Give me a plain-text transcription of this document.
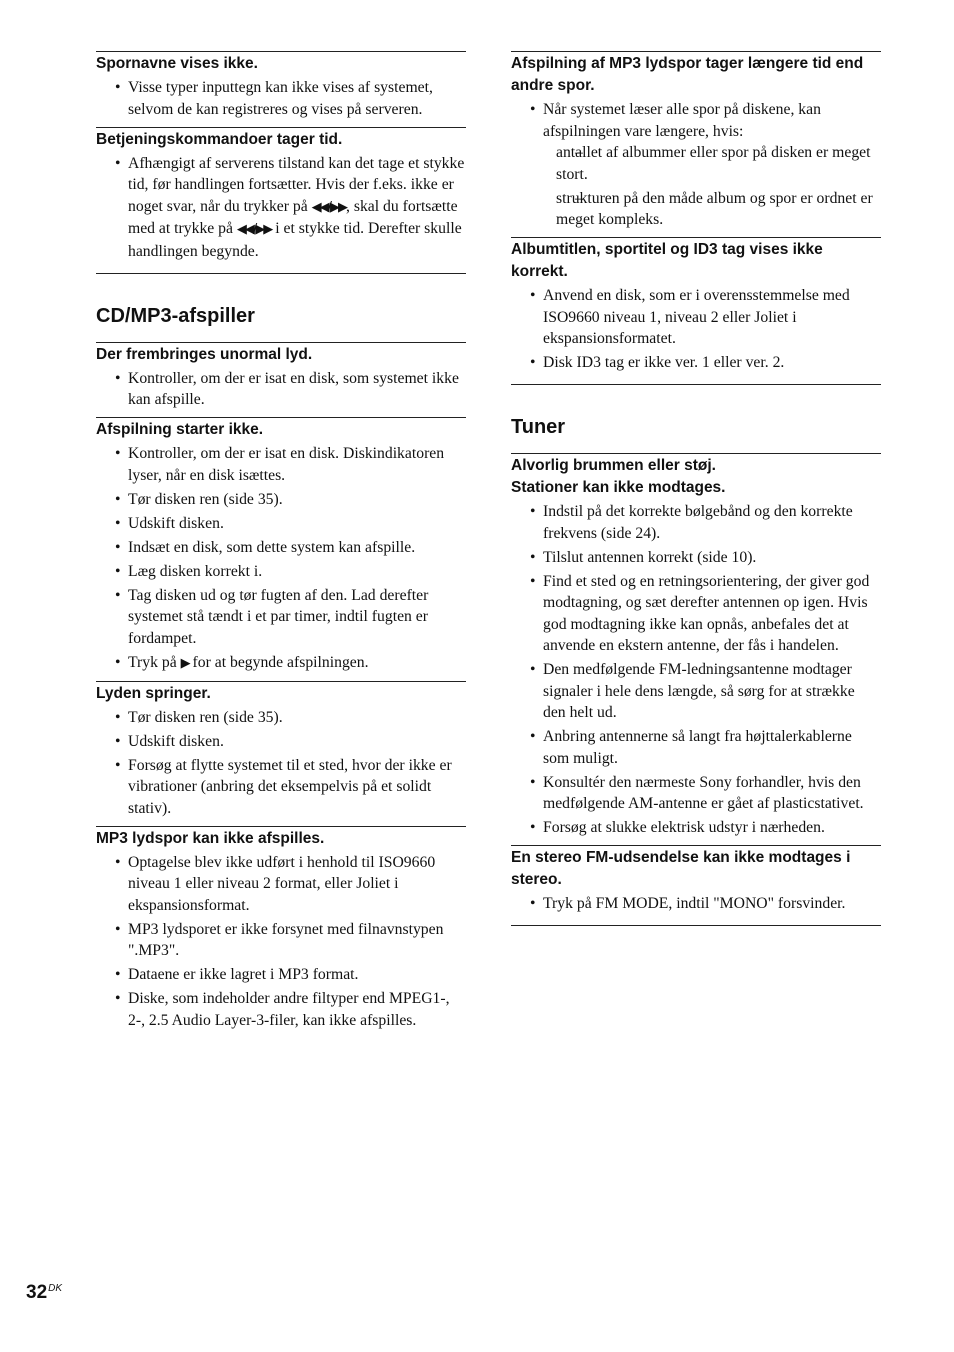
Spornavne vises ikke.
• Visse typer inputtegn kan ikke vises af systemet, selvom de kan registreres og vises på serveren.
Betjeningskommandoer tager tid.
• Afhængigt af serverens tilstand kan det tage et stykke tid, før handlingen fortsætter. Hvis der f.eks. ikke er noget svar, når du trykker på ◀◀/▶▶, skal du fortsætte med at trykke på ◀◀/▶▶ i et stykke tid. Derefter skulle handlingen begynde.
CD/MP3-afspiller
Der frembringes unormal lyd.
• Kontroller, om der er isat en disk, som systemet ikke kan afspille.
Afspilning starter ikke.
• Kontroller, om der er isat en disk. Diskindikatoren lyser, når en disk isættes.
• Tør disken ren (side 35).
• Udskift disken.
• Indsæt en disk, som dette system kan afspille.
• Læg disken korrekt i.
• Tag disken ud og tør fugten af den. Lad derefter systemet stå tændt i et par timer, indtil fugten er fordampet.
• Tryk på ▶ for at begynde afspilningen.
Lyden springer.
• Tør disken ren (side 35).
• Udskift disken.
• Forsøg at flytte systemet til et sted, hvor der ikke er vibrationer (anbring det eksempelvis på et solidt stativ).
MP3 lydspor kan ikke afspilles.
• Optagelse blev ikke udført i henhold til ISO9660 niveau 1 eller niveau 2 format, eller Joliet i ekspansionsformat.
• MP3 lydsporet er ikke forsynet med filnavnstypen ".MP3".
• Dataene er ikke lagret i MP3 format.
• Diske, som indeholder andre filtyper end MPEG1-, 2-, 2.5 Audio Layer-3-filer, kan ikke afspilles.
Afspilning af MP3 lydspor tager længere tid end andre spor.
• Når systemet læser alle spor på diskene, kan afspilningen vare længere, hvis:
– antallet af albummer eller spor på disken er meget stort.
– strukturen på den måde album og spor er ordnet er meget kompleks.
Albumtitlen, sportitel og ID3 tag vises ikke korrekt.
• Anvend en disk, som er i overensstemmelse med ISO9660 niveau 1, niveau 2 eller Joliet i ekspansionsformatet.
• Disk ID3 tag er ikke ver. 1 eller ver. 2.
Tuner
Alvorlig brummen eller støj.
Stationer kan ikke modtages.
• Indstil på det korrekte bølgebånd og den korrekte frekvens (side 24).
• Tilslut antennen korrekt (side 10).
• Find et sted og en retningsorientering, der giver god modtagning, og sæt derefter antennen op igen. Hvis god modtagning ikke kan opnås, anbefales det at anvende en ekstern antenne, der fås i handelen.
• Den medfølgende FM-ledningsantenne modtager signaler i hele dens længde, så sørg for at strække den helt ud.
• Anbring antennerne så langt fra højttalerkablerne som muligt.
• Konsultér den nærmeste Sony forhandler, hvis den medfølgende AM-antenne er gået af plasticstativet.
• Forsøg at slukke elektrisk udstyr i nærheden.
En stereo FM-udsendelse kan ikke modtages i stereo.
• Tryk på FM MODE, indtil "MONO" forsvinder.
$32^{DK}$
